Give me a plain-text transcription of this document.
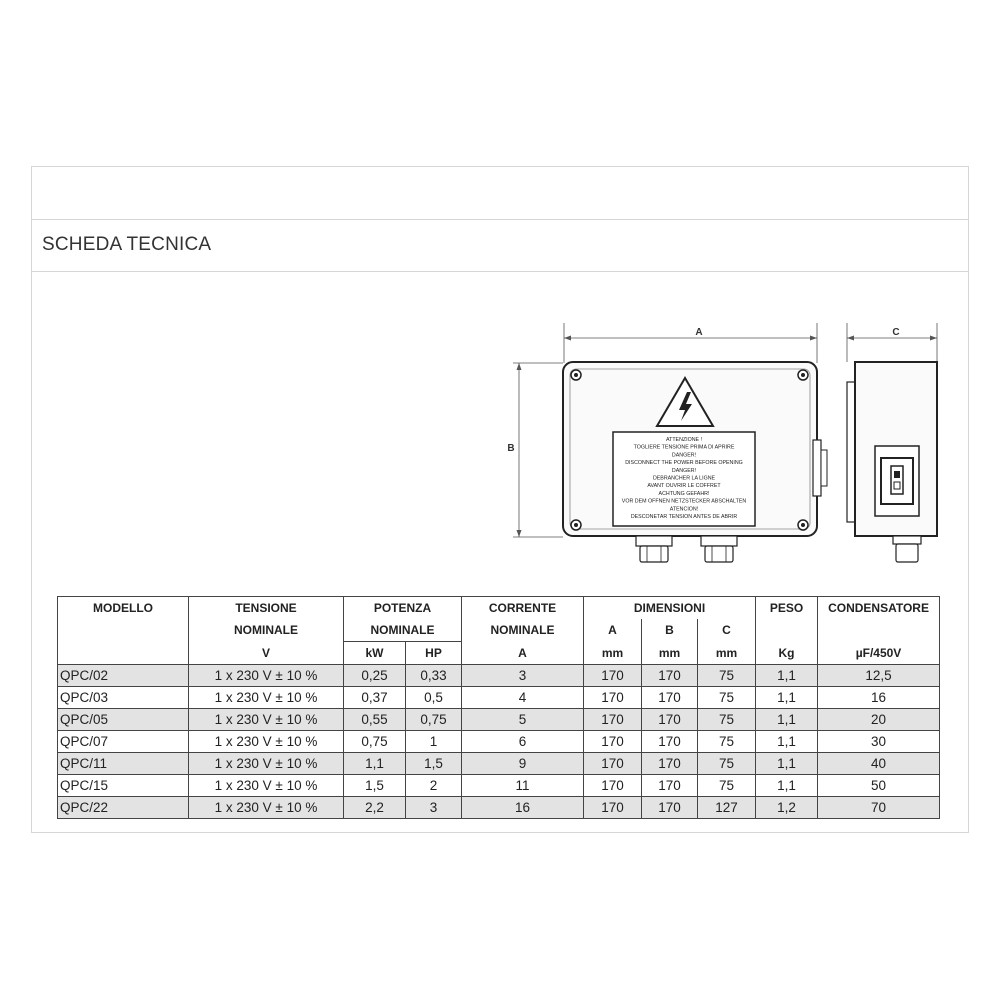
SCHEDA TECNICA
A
B
C
ATTENZIONE !
TOGLIERE TENSIONE PRIMA DI APRIRE
DANGER!
DISCONNECT THE POWER BEFORE OPENING
DANGER!
DEBRANCHER LA LIGNE
AVANT OUVRIR LE COFFRET
ACHTUNG GEFAHR!
VOR DEM OFFNEN NETZSTECKER ABSCHALTEN
ATENCION!
DESCONETAR TENSION ANTES DE ABRIR
MODELLO	TENSIONE	POTENZA		CORRENTE	DIMENSIONI			PESO	CONDENSATORE
	NOMINALE	NOMINALE		NOMINALE	A	B	C		
	V	kW	HP	A	mm	mm	mm	Kg	µF/450V
QPC/02	1 x 230 V ± 10 %	0,25	0,33	3	170	170	75	1,1	12,5
QPC/03	1 x 230 V ± 10 %	0,37	0,5	4	170	170	75	1,1	16
QPC/05	1 x 230 V ± 10 %	0,55	0,75	5	170	170	75	1,1	20
QPC/07	1 x 230 V ± 10 %	0,75	1	6	170	170	75	1,1	30
QPC/11	1 x 230 V ± 10 %	1,1	1,5	9	170	170	75	1,1	40
QPC/15	1 x 230 V ± 10 %	1,5	2	11	170	170	75	1,1	50
QPC/22	1 x 230 V ± 10 %	2,2	3	16	170	170	127	1,2	70
